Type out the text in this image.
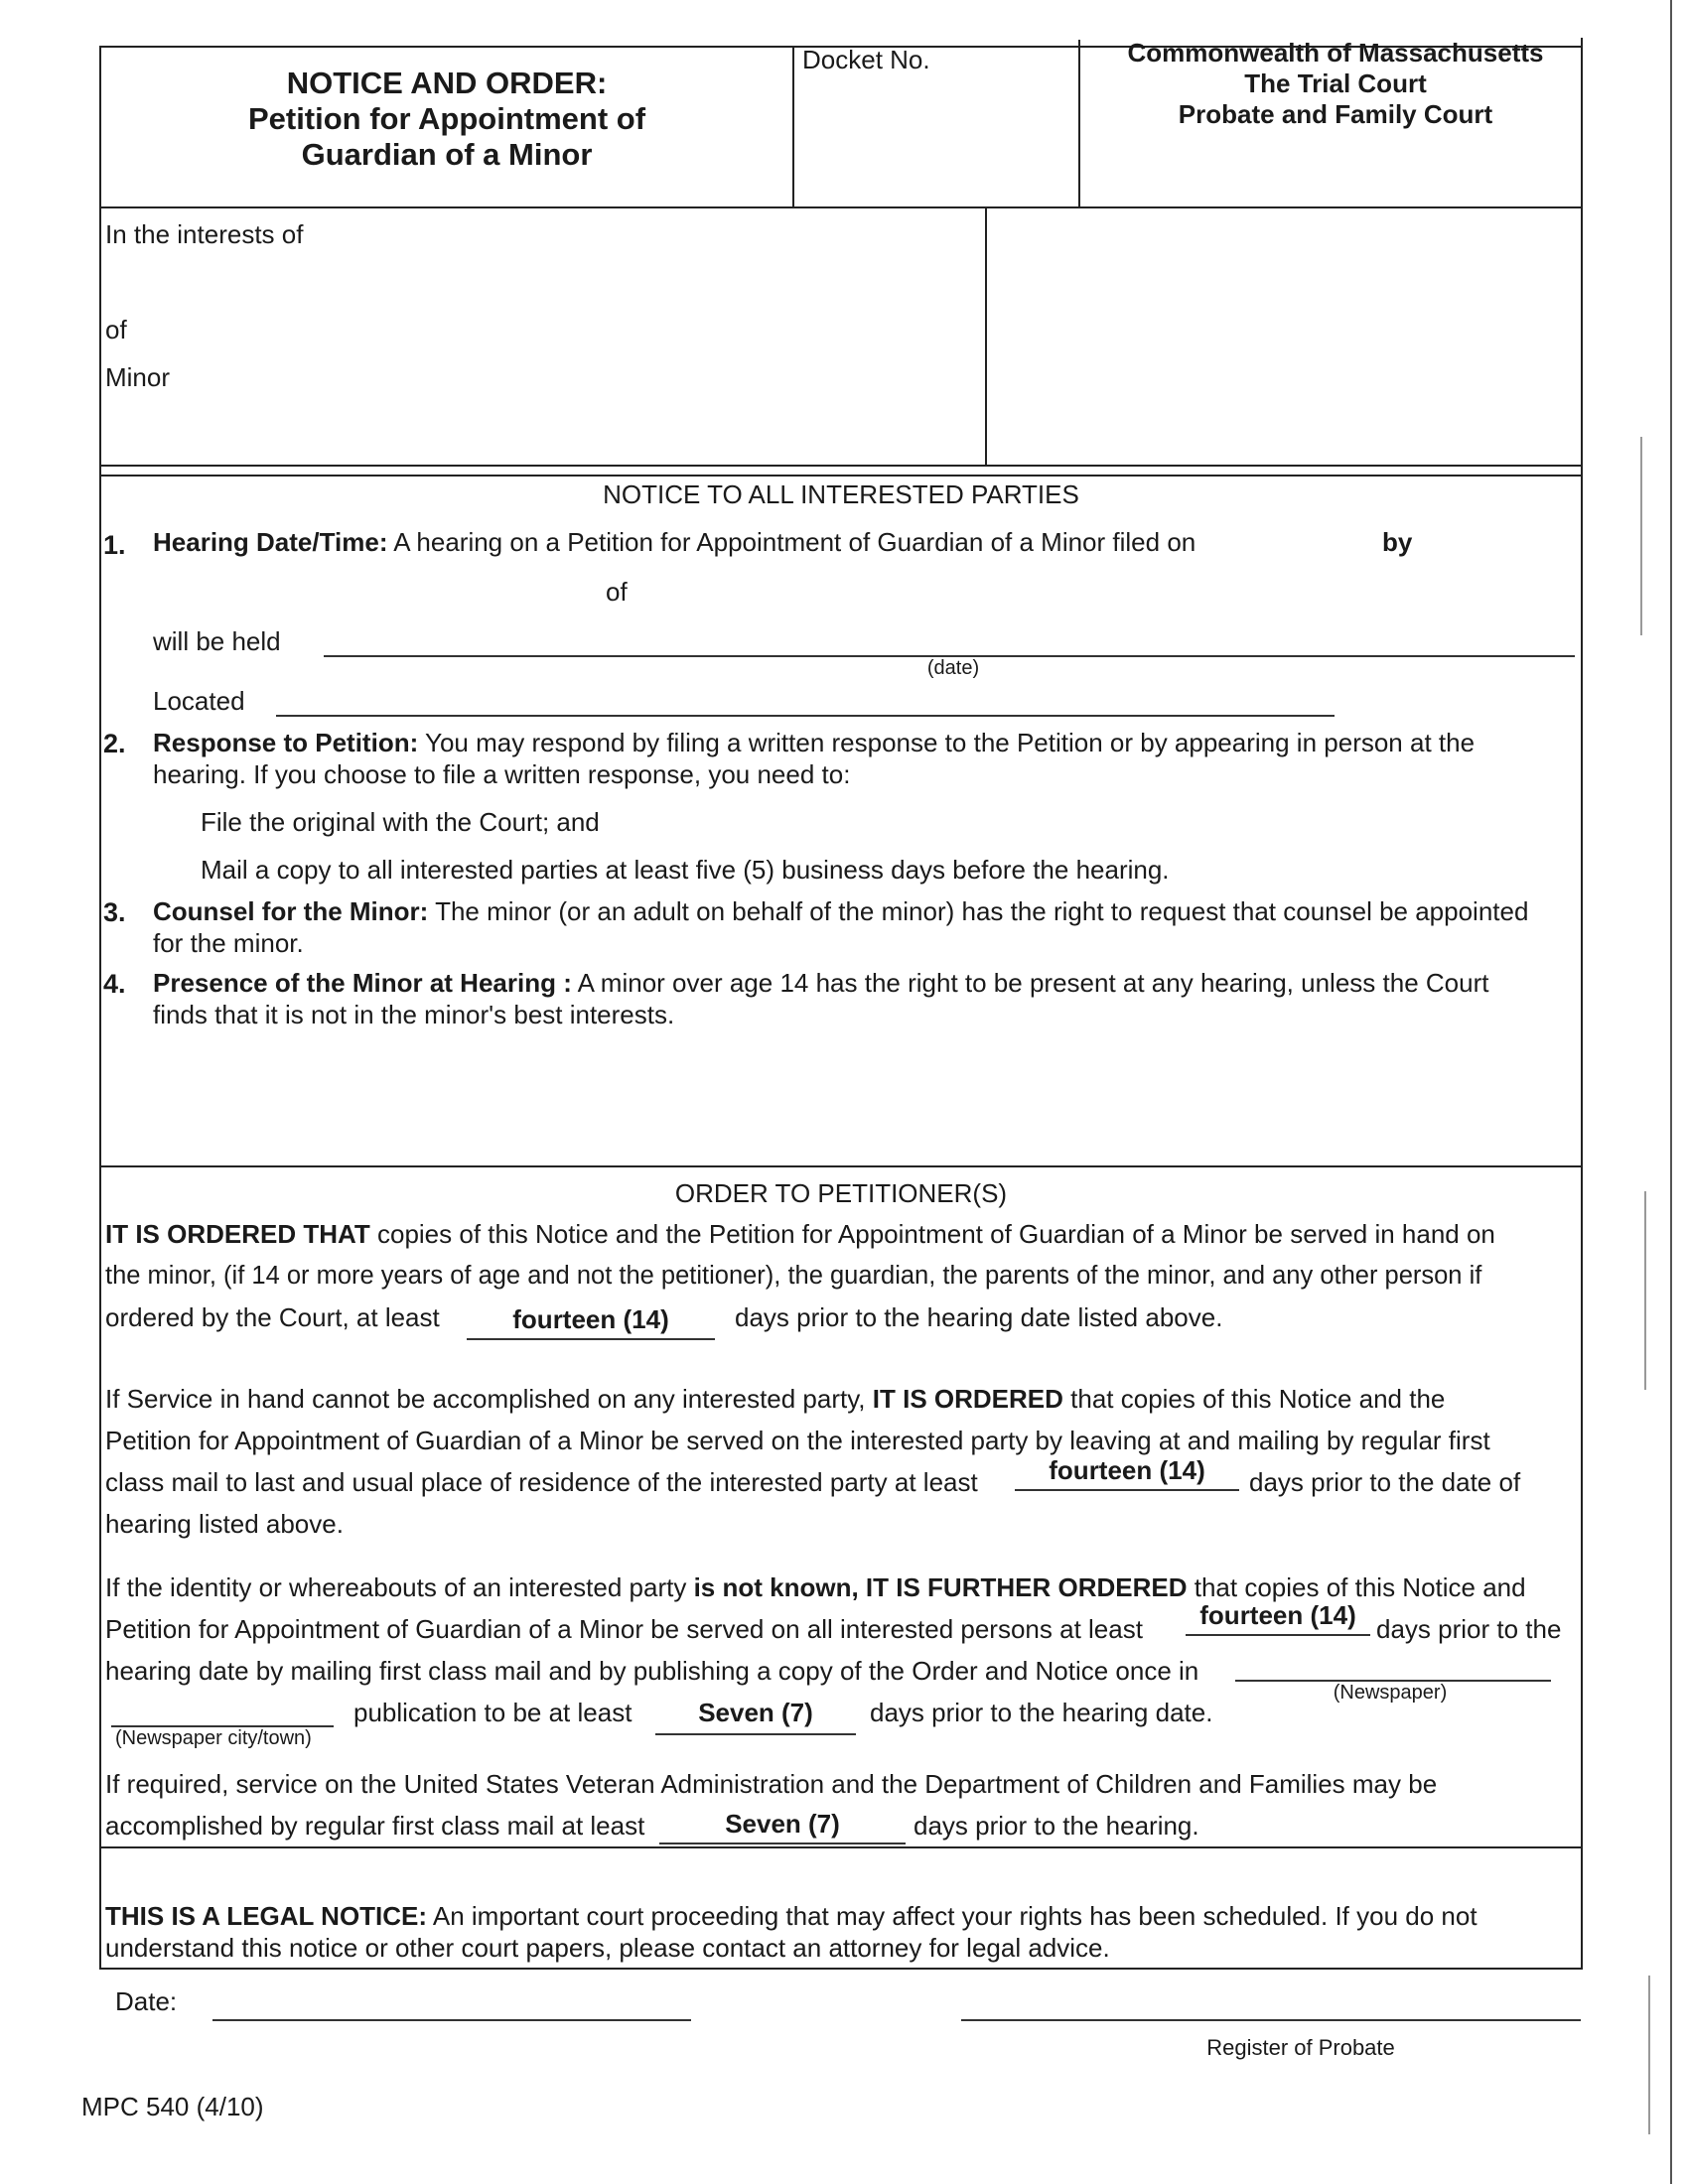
NOTICE AND ORDER:
Petition for Appointment of
Guardian of a Minor
Docket No.	Commonwealth of Massachusetts
The Trial Court
Probate and Family Court
In the interests of
of
Minor
NOTICE TO ALL INTERESTED PARTIES
1. Hearing Date/Time: A hearing on a Petition for Appointment of Guardian of a Minor filed on	by
of
will be held
(date)
Located
2. Response to Petition: You may respond by filing a written response to the Petition or by appearing in person at the
hearing. If you choose to file a written response, you need to:
File the original with the Court; and
Mail a copy to all interested parties at least five (5) business days before the hearing.
3. Counsel for the Minor: The minor (or an adult on behalf of the minor) has the right to request that counsel be appointed
for the minor.
4. Presence of the Minor at Hearing : A minor over age 14 has the right to be present at any hearing, unless the Court
finds that it is not in the minor's best interests.
ORDER TO PETITIONER(S)
IT IS ORDERED THAT copies of this Notice and the Petition for Appointment of Guardian of a Minor be served in hand on
the minor, (if 14 or more years of age and not the petitioner), the guardian, the parents of the minor, and any other person if
ordered by the Court, at least	fourteen (14)	days prior to the hearing date listed above.
If Service in hand cannot be accomplished on any interested party, IT IS ORDERED that copies of this Notice and the
Petition for Appointment of Guardian of a Minor be served on the interested party by leaving at and mailing by regular first
class mail to last and usual place of residence of the interested party at least	fourteen (14)	days prior to the date of
hearing listed above.
If the identity or whereabouts of an interested party is not known, IT IS FURTHER ORDERED that copies of this Notice and
Petition for Appointment of Guardian of a Minor be served on all interested persons at least	fourteen (14) days prior to the
hearing date by mailing first class mail and by publishing a copy of the Order and Notice once in
(Newspaper)
(Newspaper city/town)
publication to be at least	Seven (7)	days prior to the hearing date.
If required, service on the United States Veteran Administration and the Department of Children and Families may be
accomplished by regular first class mail at least	Seven (7)	days prior to the hearing.
THIS IS A LEGAL NOTICE: An important court proceeding that may affect your rights has been scheduled. If you do not
understand this notice or other court papers, please contact an attorney for legal advice.
Date:
Register of Probate
MPC 540 (4/10)
